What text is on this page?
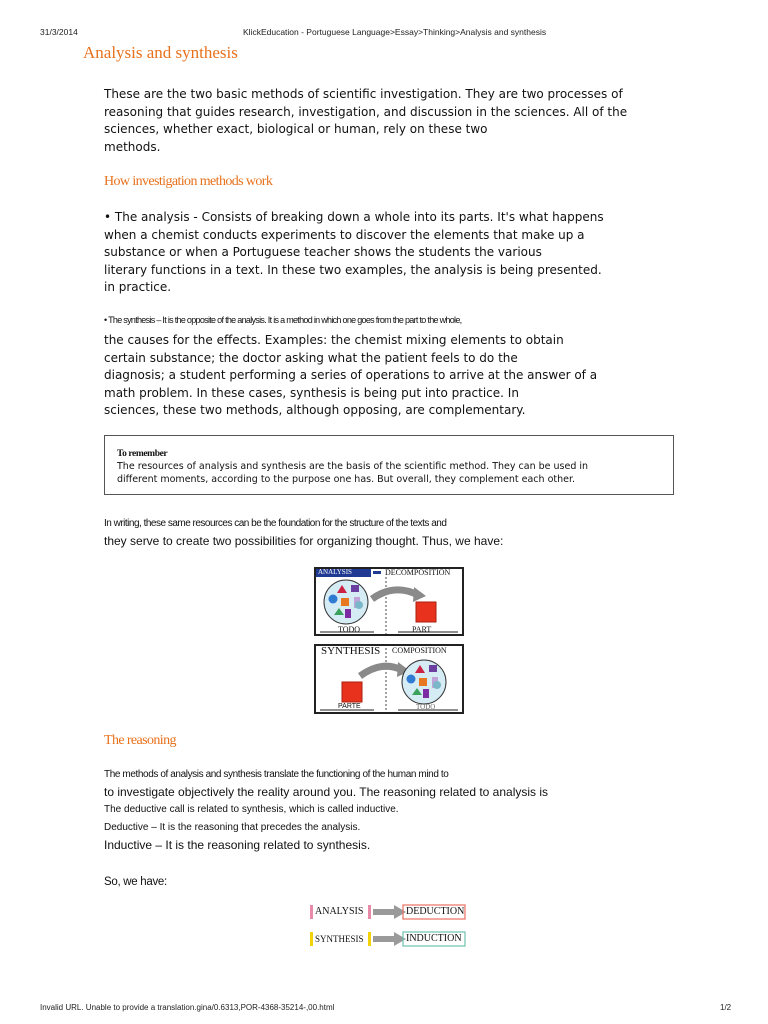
31/3/2014	KlickEducation - Portuguese Language>Essay>Thinking>Analysis and synthesis
Analysis and synthesis
These are the two basic methods of scientific investigation. They are two processes of
reasoning that guides research, investigation, and discussion in the sciences. All of the
sciences, whether exact, biological or human, rely on these two
methods.
How investigation methods work
• The analysis - Consists of breaking down a whole into its parts. It's what happens
when a chemist conducts experiments to discover the elements that make up a
substance or when a Portuguese teacher shows the students the various
literary functions in a text. In these two examples, the analysis is being presented.
in practice.
• The synthesis – It is the opposite of the analysis. It is a method in which one goes from the part to the whole,
the causes for the effects. Examples: the chemist mixing elements to obtain
certain substance; the doctor asking what the patient feels to do the
diagnosis; a student performing a series of operations to arrive at the answer of a
math problem. In these cases, synthesis is being put into practice. In
sciences, these two methods, although opposing, are complementary.
To remember
The resources of analysis and synthesis are the basis of the scientific method. They can be used in
different moments, according to the purpose one has. But overall, they complement each other.
In writing, these same resources can be the foundation for the structure of the texts and
they serve to create two possibilities for organizing thought. Thus, we have:
ANALYSIS	DECOMPOSITION
TODO	PART
SYNTHESIS COMPOSITION
PARTE	TODO
The reasoning
The methods of analysis and synthesis translate the functioning of the human mind to
to investigate objectively the reality around you. The reasoning related to analysis is
The deductive call is related to synthesis, which is called inductive.
Deductive – It is the reasoning that precedes the analysis.
Inductive – It is the reasoning related to synthesis.
So, we have:
ANALYSIS	DEDUCTION
SYNTHESIS	INDUCTION
Invalid URL. Unable to provide a translation.gina/0.6313,POR-4368-35214-,00.html	1/2
